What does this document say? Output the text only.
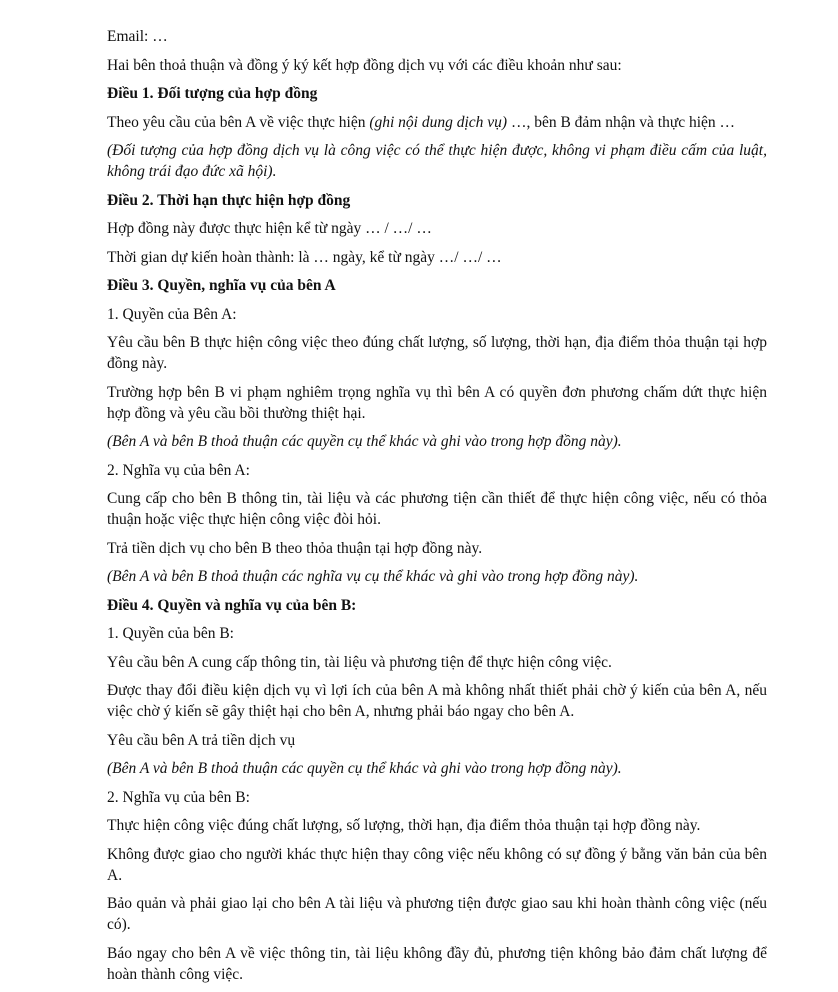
Email: …

Hai bên thoả thuận và đồng ý ký kết hợp đồng dịch vụ với các điều khoản như sau:

Điều 1. Đối tượng của hợp đồng

Theo yêu cầu của bên A về việc thực hiện (ghi nội dung dịch vụ) …, bên B đảm nhận và thực hiện …

(Đối tượng của hợp đồng dịch vụ là công việc có thể thực hiện được, không vi phạm điều cấm của luật, không trái đạo đức xã hội).

Điều 2. Thời hạn thực hiện hợp đồng

Hợp đồng này được thực hiện kể từ ngày … / …/ …

Thời gian dự kiến hoàn thành: là … ngày, kể từ ngày …/ …/ …

Điều 3. Quyền, nghĩa vụ của bên A

1. Quyền của Bên A:

Yêu cầu bên B thực hiện công việc theo đúng chất lượng, số lượng, thời hạn, địa điểm thỏa thuận tại hợp đồng này.

Trường hợp bên B vi phạm nghiêm trọng nghĩa vụ thì bên A có quyền đơn phương chấm dứt thực hiện hợp đồng và yêu cầu bồi thường thiệt hại.

(Bên A và bên B thoả thuận các quyền cụ thể khác và ghi vào trong hợp đồng này).

2. Nghĩa vụ của bên A:

Cung cấp cho bên B thông tin, tài liệu và các phương tiện cần thiết để thực hiện công việc, nếu có thỏa thuận hoặc việc thực hiện công việc đòi hỏi.

Trả tiền dịch vụ cho bên B theo thỏa thuận tại hợp đồng này.

(Bên A và bên B thoả thuận các nghĩa vụ cụ thể khác và ghi vào trong hợp đồng này).

Điều 4. Quyền và nghĩa vụ của bên B:

1. Quyền của bên B:

Yêu cầu bên A cung cấp thông tin, tài liệu và phương tiện để thực hiện công việc.

Được thay đổi điều kiện dịch vụ vì lợi ích của bên A mà không nhất thiết phải chờ ý kiến của bên A, nếu việc chờ ý kiến sẽ gây thiệt hại cho bên A, nhưng phải báo ngay cho bên A.

Yêu cầu bên A trả tiền dịch vụ

(Bên A và bên B thoả thuận các quyền cụ thể khác và ghi vào trong hợp đồng này).

2. Nghĩa vụ của bên B:

Thực hiện công việc đúng chất lượng, số lượng, thời hạn, địa điểm thỏa thuận tại hợp đồng này.

Không được giao cho người khác thực hiện thay công việc nếu không có sự đồng ý bằng văn bản của bên A.

Bảo quản và phải giao lại cho bên A tài liệu và phương tiện được giao sau khi hoàn thành công việc (nếu có).

Báo ngay cho bên A về việc thông tin, tài liệu không đầy đủ, phương tiện không bảo đảm chất lượng để hoàn thành công việc.
